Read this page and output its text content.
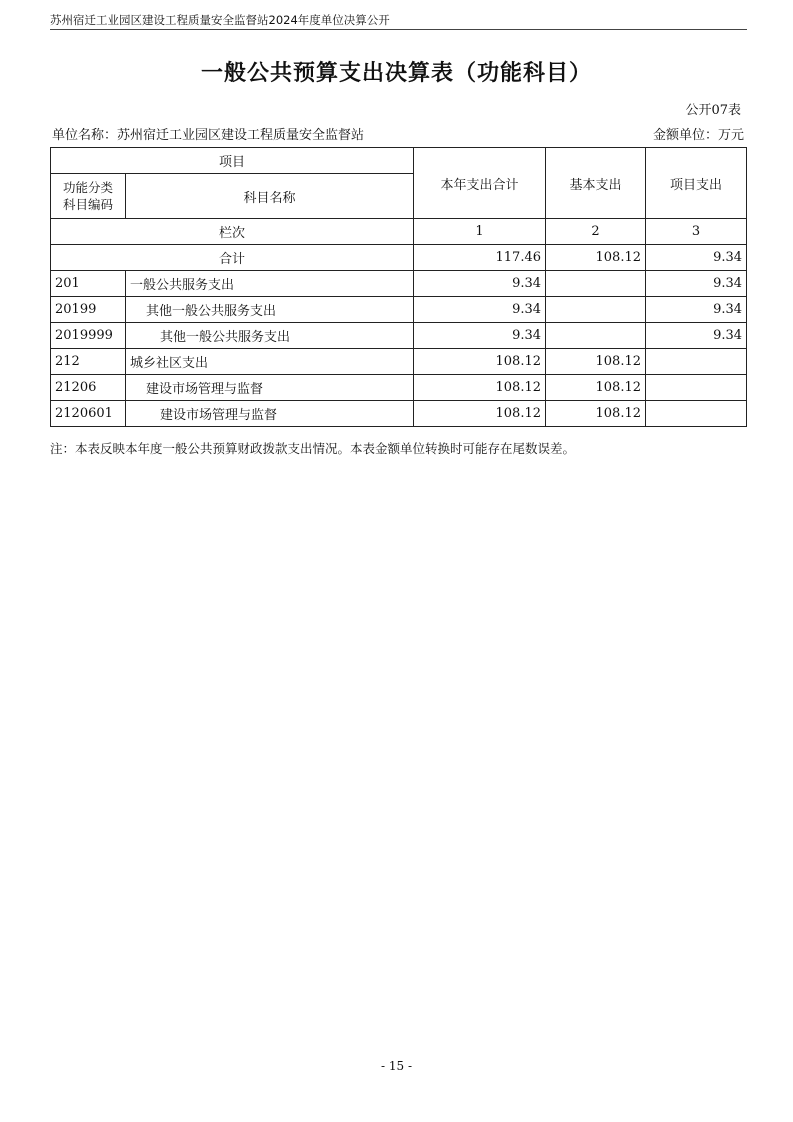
苏州宿迁工业园区建设工程质量安全监督站2024年度单位决算公开
一般公共预算支出决算表（功能科目）
公开07表
单位名称：苏州宿迁工业园区建设工程质量安全监督站	金额单位：万元
项目		本年支出合计	基本支出	项目支出
功能分类
科目编码	科目名称			
栏次		1	2	3
合计		117.46	108.12	9.34
201	一般公共服务支出	9.34		9.34
20199	其他一般公共服务支出	9.34		9.34
2019999	其他一般公共服务支出	9.34		9.34
212	城乡社区支出	108.12	108.12	
21206	建设市场管理与监督	108.12	108.12	
2120601	建设市场管理与监督	108.12	108.12	
注：本表反映本年度一般公共预算财政拨款支出情况。本表金额单位转换时可能存在尾数误差。
- 15 -
